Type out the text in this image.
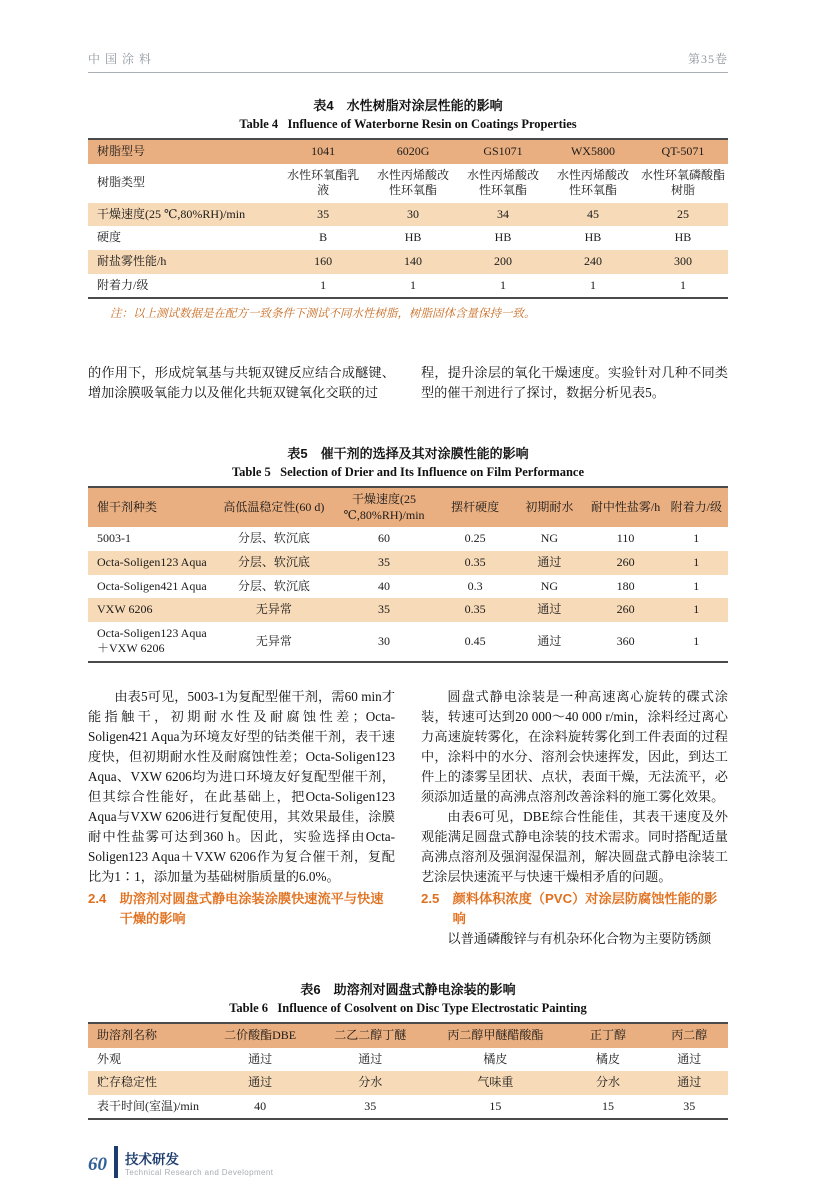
中国涂料	第35卷
表4　水性树脂对涂层性能的影响
Table 4   Influence of Waterborne Resin on Coatings Properties
树脂型号	1041	6020G	GS1071	WX5800	QT-5071
树脂类型	水性环氧酯乳液	水性丙烯酸改性环氧酯	水性丙烯酸改性环氧酯	水性丙烯酸改性环氧酯	水性环氧磷酸酯树脂
干燥速度(25 ℃,80%RH)/min	35	30	34	45	25
硬度	B	HB	HB	HB	HB
耐盐雾性能/h	160	140	200	240	300
附着力/级	1	1	1	1	1
注：以上测试数据是在配方一致条件下测试不同水性树脂，树脂固体含量保持一致。

的作用下，形成烷氧基与共轭双键反应结合成醚键、增加涂膜吸氧能力以及催化共轭双键氧化交联的过

程，提升涂层的氧化干燥速度。实验针对几种不同类型的催干剂进行了探讨，数据分析见表5。

表5　催干剂的选择及其对涂膜性能的影响
Table 5   Selection of Drier and Its Influence on Film Performance
催干剂种类	高低温稳定性(60 d)	干燥速度(25 ℃,80%RH)/min	摆杆硬度	初期耐水	耐中性盐雾/h	附着力/级
5003-1	分层、软沉底	60	0.25	NG	110	1
Octa-Soligen123 Aqua	分层、软沉底	35	0.35	通过	260	1
Octa-Soligen421 Aqua	分层、软沉底	40	0.3	NG	180	1
VXW 6206	无异常	35	0.35	通过	260	1
Octa-Soligen123 Aqua ＋VXW 6206	无异常	30	0.45	通过	360	1

由表5可见，5003-1为复配型催干剂，需60 min才能指触干，初期耐水性及耐腐蚀性差；Octa-Soligen421 Aqua为环境友好型的钴类催干剂，表干速度快，但初期耐水性及耐腐蚀性差；Octa-Soligen123 Aqua、VXW 6206均为进口环境友好复配型催干剂，但其综合性能好，在此基础上，把Octa-Soligen123 Aqua与VXW 6206进行复配使用，其效果最佳，涂膜耐中性盐雾可达到360 h。因此，实验选择由Octa-Soligen123 Aqua＋VXW 6206作为复合催干剂，复配比为1∶1，添加量为基础树脂质量的6.0%。

2.4	助溶剂对圆盘式静电涂装涂膜快速流平与快速干燥的影响

圆盘式静电涂装是一种高速离心旋转的碟式涂装，转速可达到20 000～40 000 r/min，涂料经过离心力高速旋转雾化，在涂料旋转雾化到工件表面的过程中，涂料中的水分、溶剂会快速挥发，因此，到达工件上的漆雾呈团状、点状，表面干燥，无法流平，必须添加适量的高沸点溶剂改善涂料的施工雾化效果。

由表6可见，DBE综合性能佳，其表干速度及外观能满足圆盘式静电涂装的技术需求。同时搭配适量高沸点溶剂及强润湿保温剂，解决圆盘式静电涂装工艺涂层快速流平与快速干燥相矛盾的问题。

2.5	颜料体积浓度（PVC）对涂层防腐蚀性能的影响

以普通磷酸锌与有机杂环化合物为主要防锈颜

表6　助溶剂对圆盘式静电涂装的影响
Table 6   Influence of Cosolvent on Disc Type Electrostatic Painting
助溶剂名称	二价酸酯DBE	二乙二醇丁醚	丙二醇甲醚醋酸酯	正丁醇	丙二醇
外观	通过	通过	橘皮	橘皮	通过
贮存稳定性	通过	分水	气味重	分水	通过
表干时间(室温)/min	40	35	15	15	35
60	技术研发
Technical Research and Development
